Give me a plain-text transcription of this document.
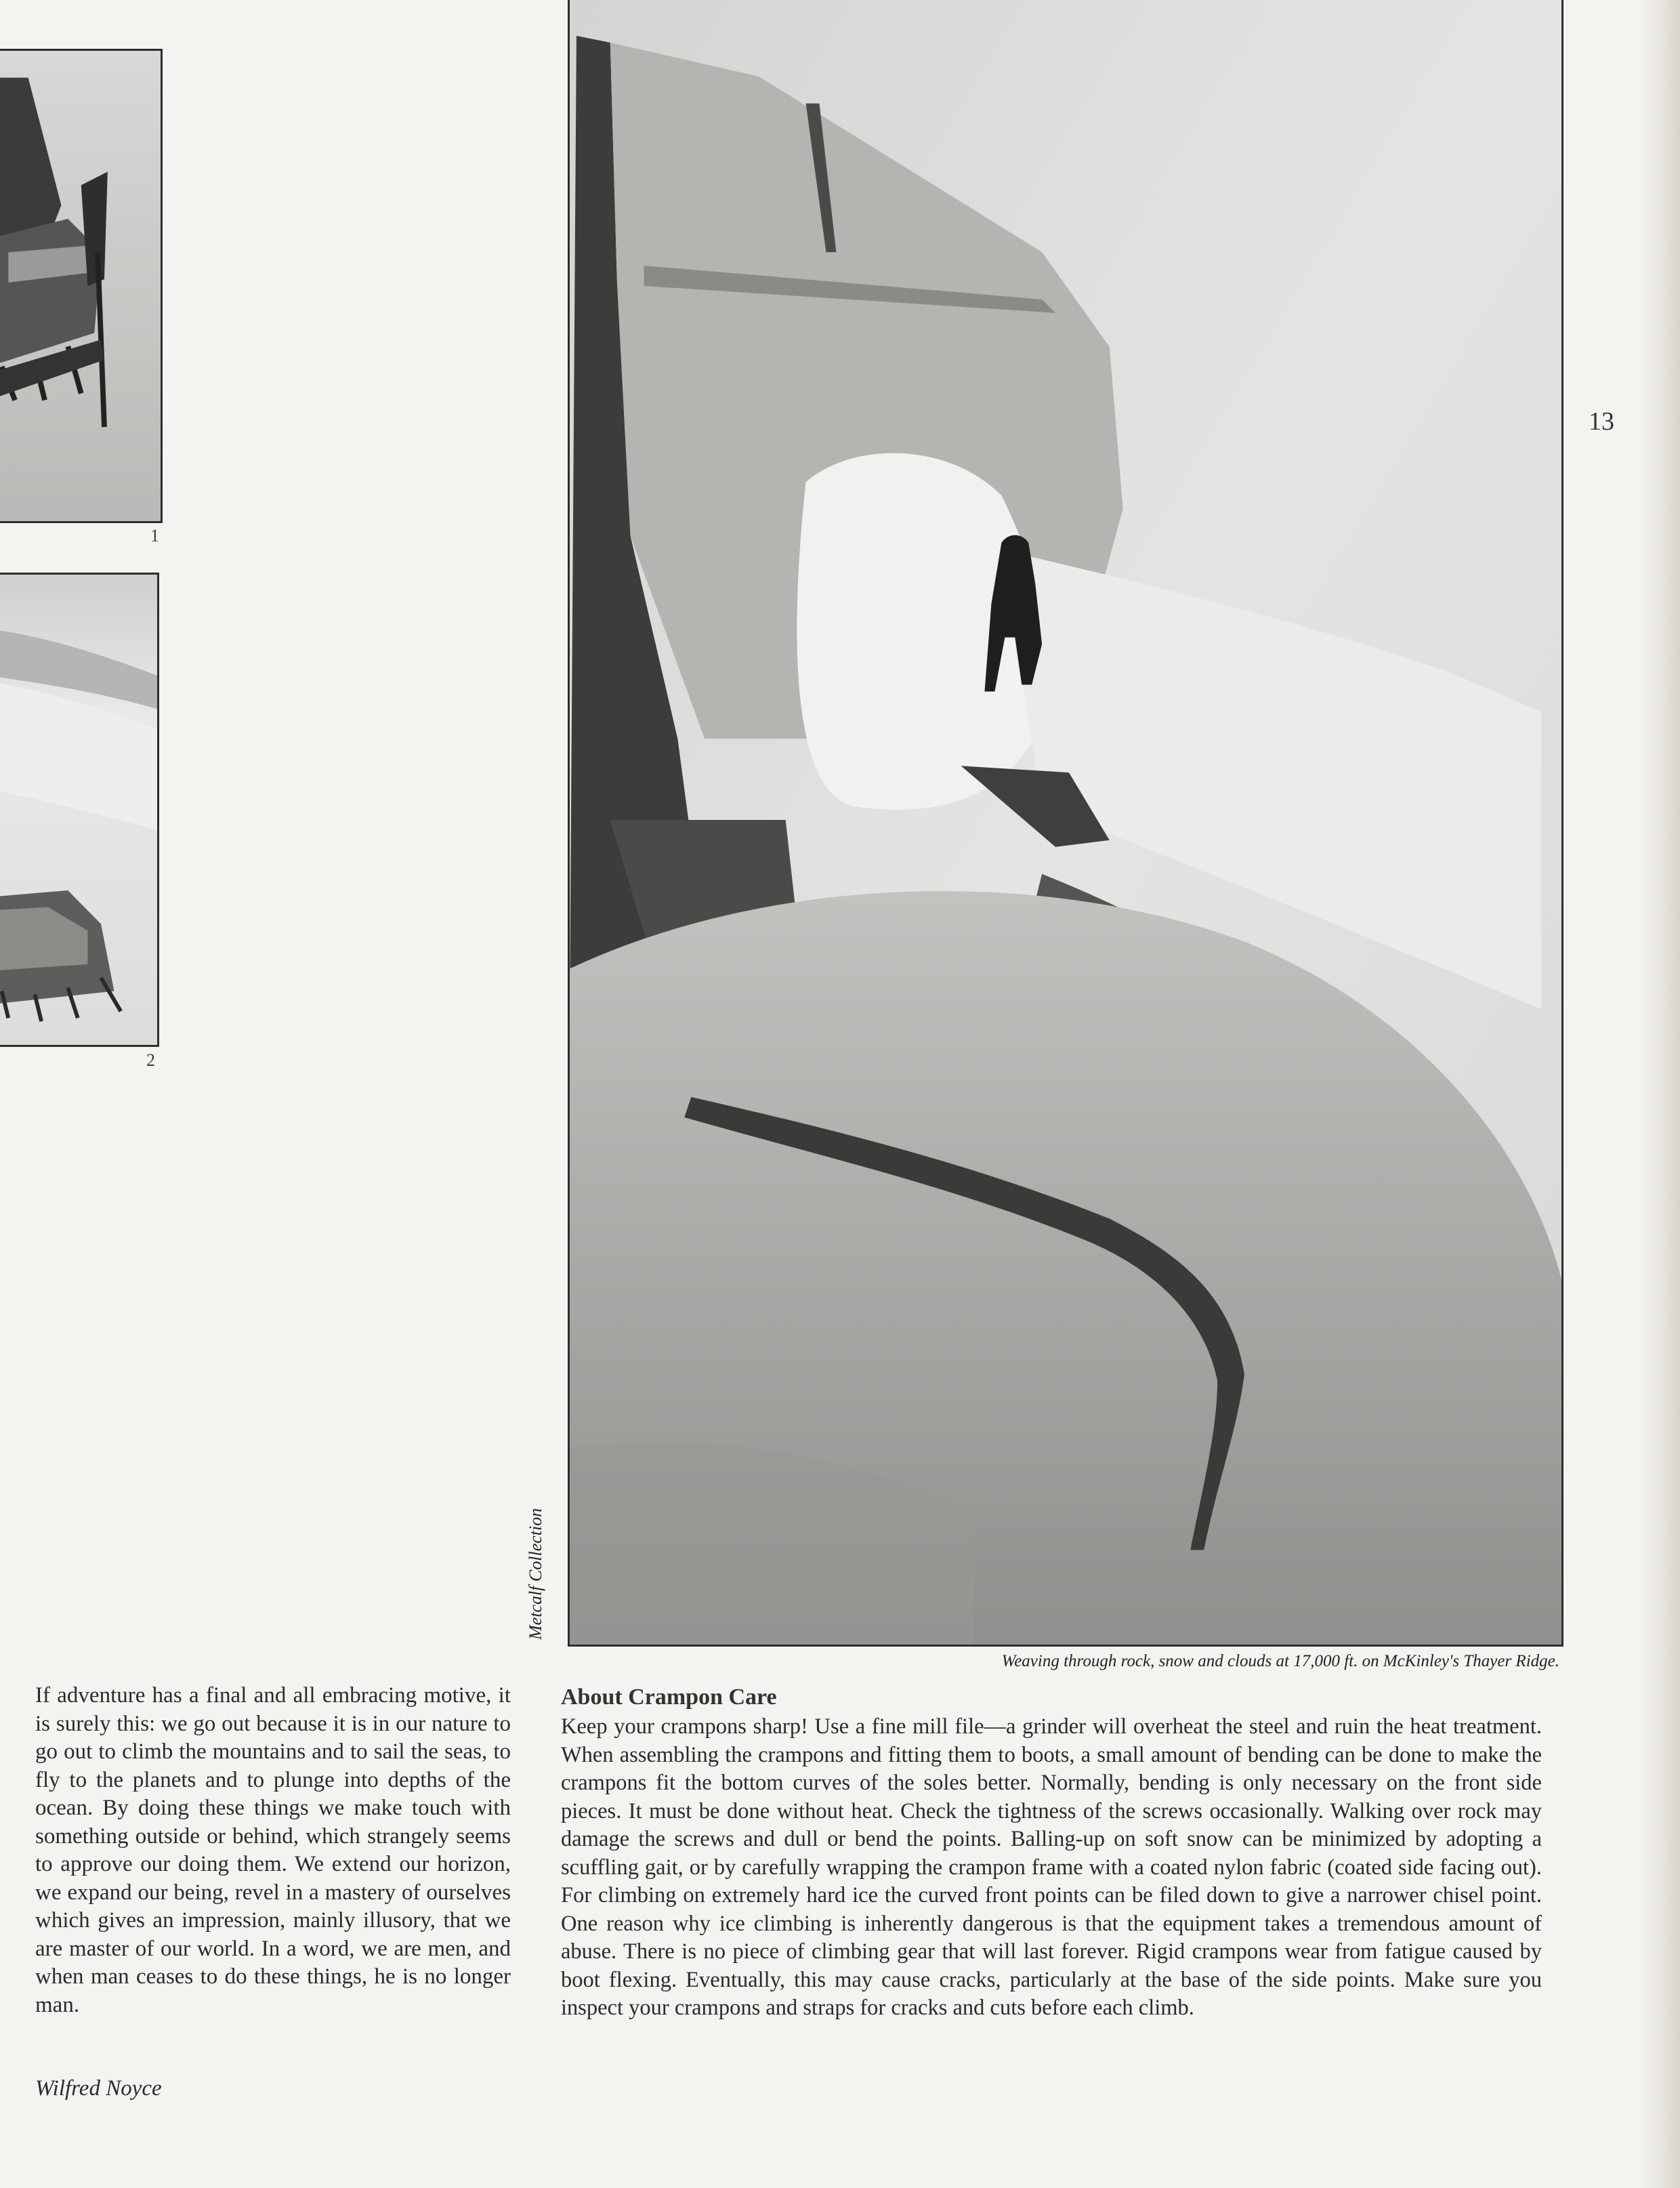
1
2
Metcalf Collection
Weaving through rock, snow and clouds at 17,000 ft. on McKinley's Thayer Ridge.
13
If adventure has a final and all embracing motive, it is surely this: we go out because it is in our nature to go out to climb the mountains and to sail the seas, to fly to the planets and to plunge into depths of the ocean. By doing these things we make touch with something outside or behind, which strangely seems to approve our doing them. We extend our horizon, we expand our being, revel in a mastery of ourselves which gives an impression, mainly illusory, that we are master of our world. In a word, we are men, and when man ceases to do these things, he is no longer man.
Wilfred Noyce
About Crampon Care
Keep your crampons sharp! Use a fine mill file—a grinder will overheat the steel and ruin the heat treatment. When assembling the crampons and fitting them to boots, a small amount of bending can be done to make the crampons fit the bottom curves of the soles better. Normally, bending is only necessary on the front side pieces. It must be done without heat. Check the tightness of the screws occasionally. Walking over rock may damage the screws and dull or bend the points. Balling-up on soft snow can be minimized by adopting a scuffling gait, or by carefully wrapping the crampon frame with a coated nylon fabric (coated side facing out). For climbing on extremely hard ice the curved front points can be filed down to give a narrower chisel point. One reason why ice climbing is inherently dangerous is that the equipment takes a tremendous amount of abuse. There is no piece of climbing gear that will last forever. Rigid crampons wear from fatigue caused by boot flexing. Eventually, this may cause cracks, particularly at the base of the side points. Make sure you inspect your crampons and straps for cracks and cuts before each climb.
